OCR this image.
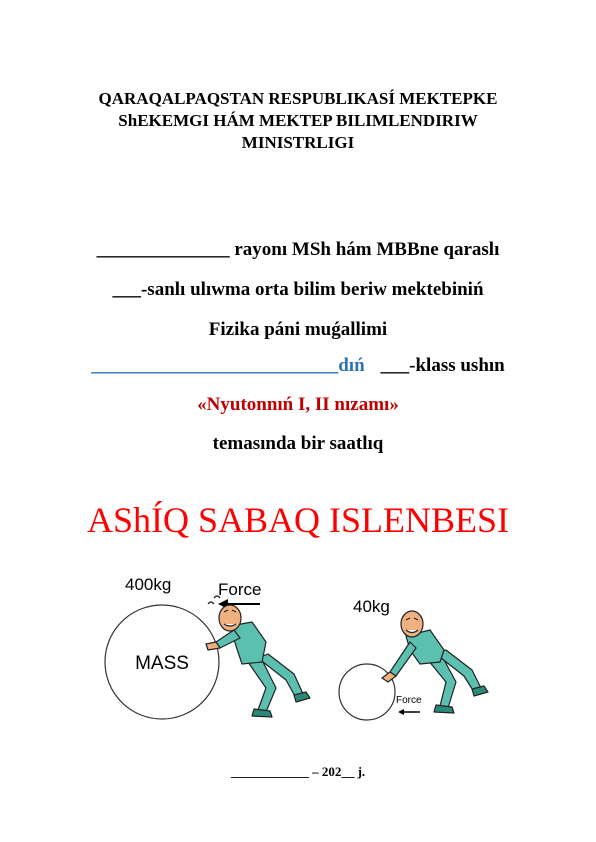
QARAQALPAQSTAN RESPUBLIKASÍ MEKTEPKE
ShEKEMGI HÁM MEKTEP BILIMLENDIRIW
MINISTRLIGI
______________ rayonı MSh hám MBBne qaraslı
___-sanlı ulıwma orta bilim beriw mektebiniń
Fizika páni muǵallimi
__________________________dıń ___-klass ushın
«Nyutonnıń I, II nızamı»
temasında bir saatlıq
AShÍQ SABAQ ISLENBESI
400kg	Force
MASS
40kg
Force
____________ – 202__ j.
